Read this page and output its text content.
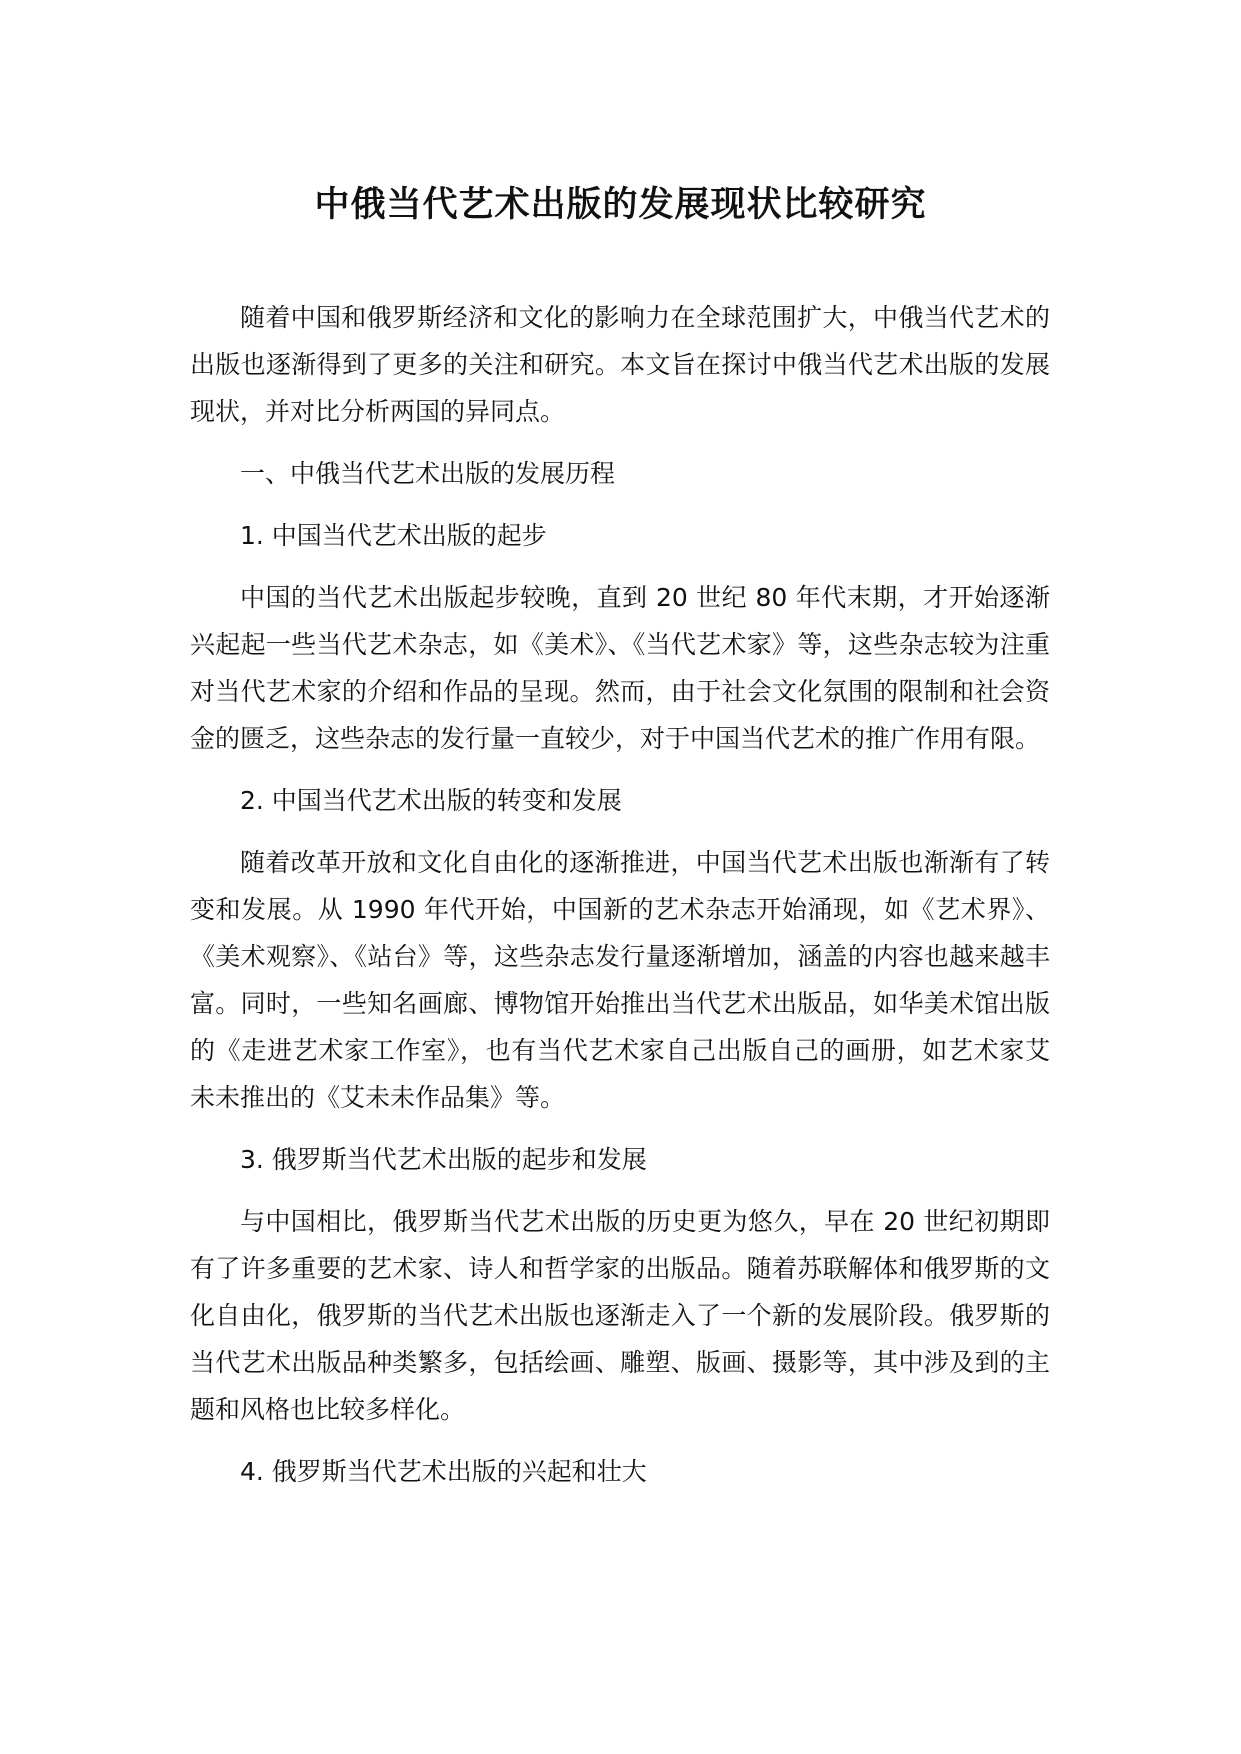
中俄当代艺术出版的发展现状比较研究

随着中国和俄罗斯经济和文化的影响力在全球范围扩大，中俄当代艺术的出版也逐渐得到了更多的关注和研究。本文旨在探讨中俄当代艺术出版的发展现状，并对比分析两国的异同点。

一、中俄当代艺术出版的发展历程

1. 中国当代艺术出版的起步

中国的当代艺术出版起步较晚，直到 20 世纪 80 年代末期，才开始逐渐兴起起一些当代艺术杂志，如《美术》、《当代艺术家》等，这些杂志较为注重对当代艺术家的介绍和作品的呈现。然而，由于社会文化氛围的限制和社会资金的匮乏，这些杂志的发行量一直较少，对于中国当代艺术的推广作用有限。

2. 中国当代艺术出版的转变和发展

随着改革开放和文化自由化的逐渐推进，中国当代艺术出版也渐渐有了转变和发展。从 1990 年代开始，中国新的艺术杂志开始涌现，如《艺术界》、《美术观察》、《站台》等，这些杂志发行量逐渐增加，涵盖的内容也越来越丰富。同时，一些知名画廊、博物馆开始推出当代艺术出版品，如华美术馆出版的《走进艺术家工作室》，也有当代艺术家自己出版自己的画册，如艺术家艾未未推出的《艾未未作品集》等。

3. 俄罗斯当代艺术出版的起步和发展

与中国相比，俄罗斯当代艺术出版的历史更为悠久，早在 20 世纪初期即有了许多重要的艺术家、诗人和哲学家的出版品。随着苏联解体和俄罗斯的文化自由化，俄罗斯的当代艺术出版也逐渐走入了一个新的发展阶段。俄罗斯的当代艺术出版品种类繁多，包括绘画、雕塑、版画、摄影等，其中涉及到的主题和风格也比较多样化。

4. 俄罗斯当代艺术出版的兴起和壮大
